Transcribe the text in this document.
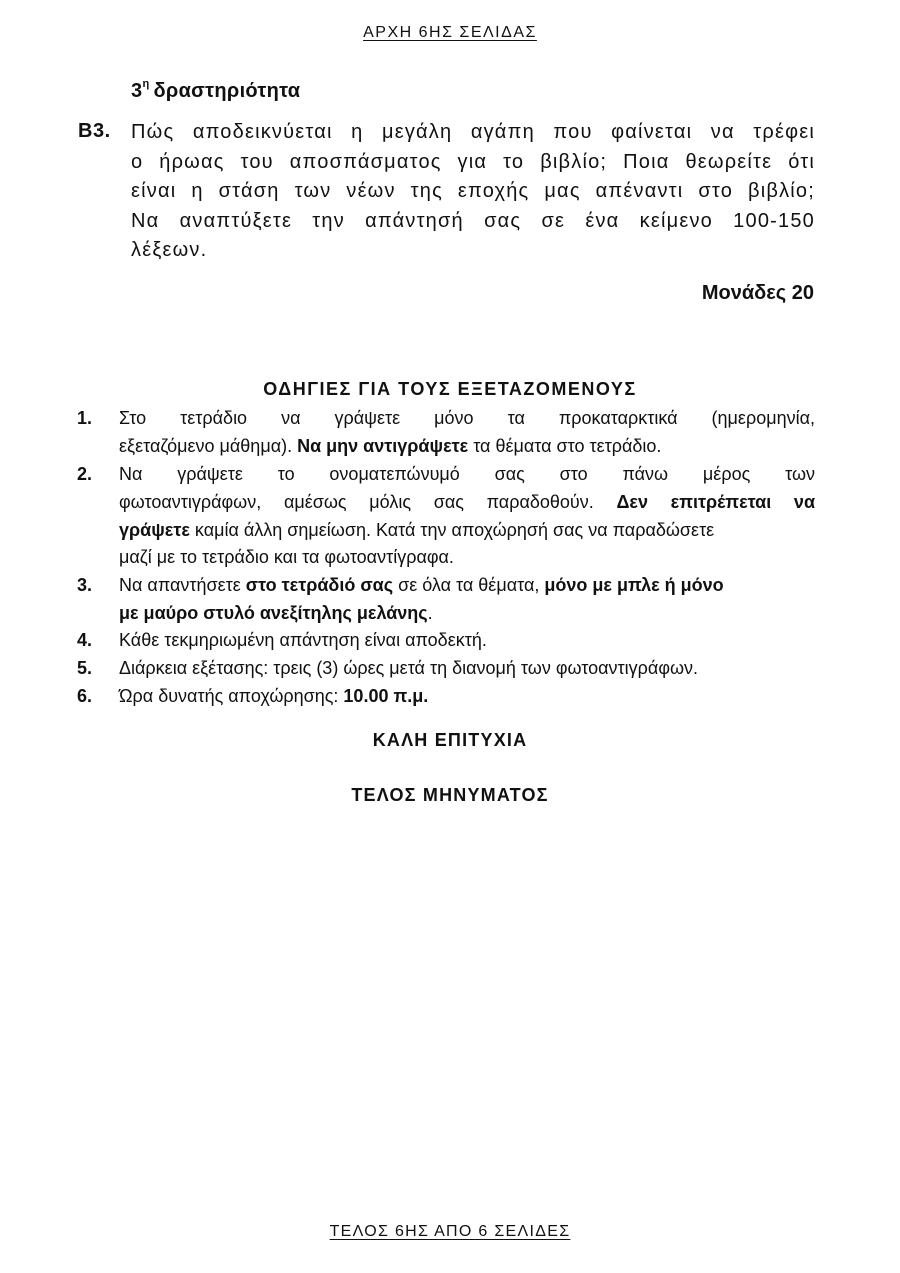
ΑΡΧΗ 6ΗΣ ΣΕΛΙΔΑΣ
$3^\eta$ δραστηριότητα
Β3. Πώς αποδεικνύεται η μεγάλη αγάπη που φαίνεται να τρέφει
ο ήρωας του αποσπάσματος για το βιβλίο; Ποια θεωρείτε ότι
είναι η στάση των νέων της εποχής μας απέναντι στο βιβλίο;
Να αναπτύξετε την απάντησή σας σε ένα κείμενο 100-150
λέξεων.
Μονάδες 20
ΟΔΗΓΙΕΣ ΓΙΑ ΤΟΥΣ ΕΞΕΤΑΖΟΜΕΝΟΥΣ
1. Στο τετράδιο να γράψετε μόνο τα προκαταρκτικά (ημερομηνία,
εξεταζόμενο μάθημα). Να μην αντιγράψετε τα θέματα στο τετράδιο.
2. Να γράψετε το ονοματεπώνυμό σας στο πάνω μέρος των
φωτοαντιγράφων, αμέσως μόλις σας παραδοθούν. Δεν επιτρέπεται να
γράψετε καμία άλλη σημείωση. Κατά την αποχώρησή σας να παραδώσετε
μαζί με το τετράδιο και τα φωτοαντίγραφα.
3. Να απαντήσετε στο τετράδιό σας σε όλα τα θέματα, μόνο με μπλε ή μόνο
με μαύρο στυλό ανεξίτηλης μελάνης.
4. Κάθε τεκμηριωμένη απάντηση είναι αποδεκτή.
5. Διάρκεια εξέτασης: τρεις (3) ώρες μετά τη διανομή των φωτοαντιγράφων.
6. Ώρα δυνατής αποχώρησης: 10.00 π.μ.
ΚΑΛΗ ΕΠΙΤΥΧΙΑ
ΤΕΛΟΣ ΜΗΝΥΜΑΤΟΣ
ΤΕΛΟΣ 6ΗΣ ΑΠΟ 6 ΣΕΛΙΔΕΣ
